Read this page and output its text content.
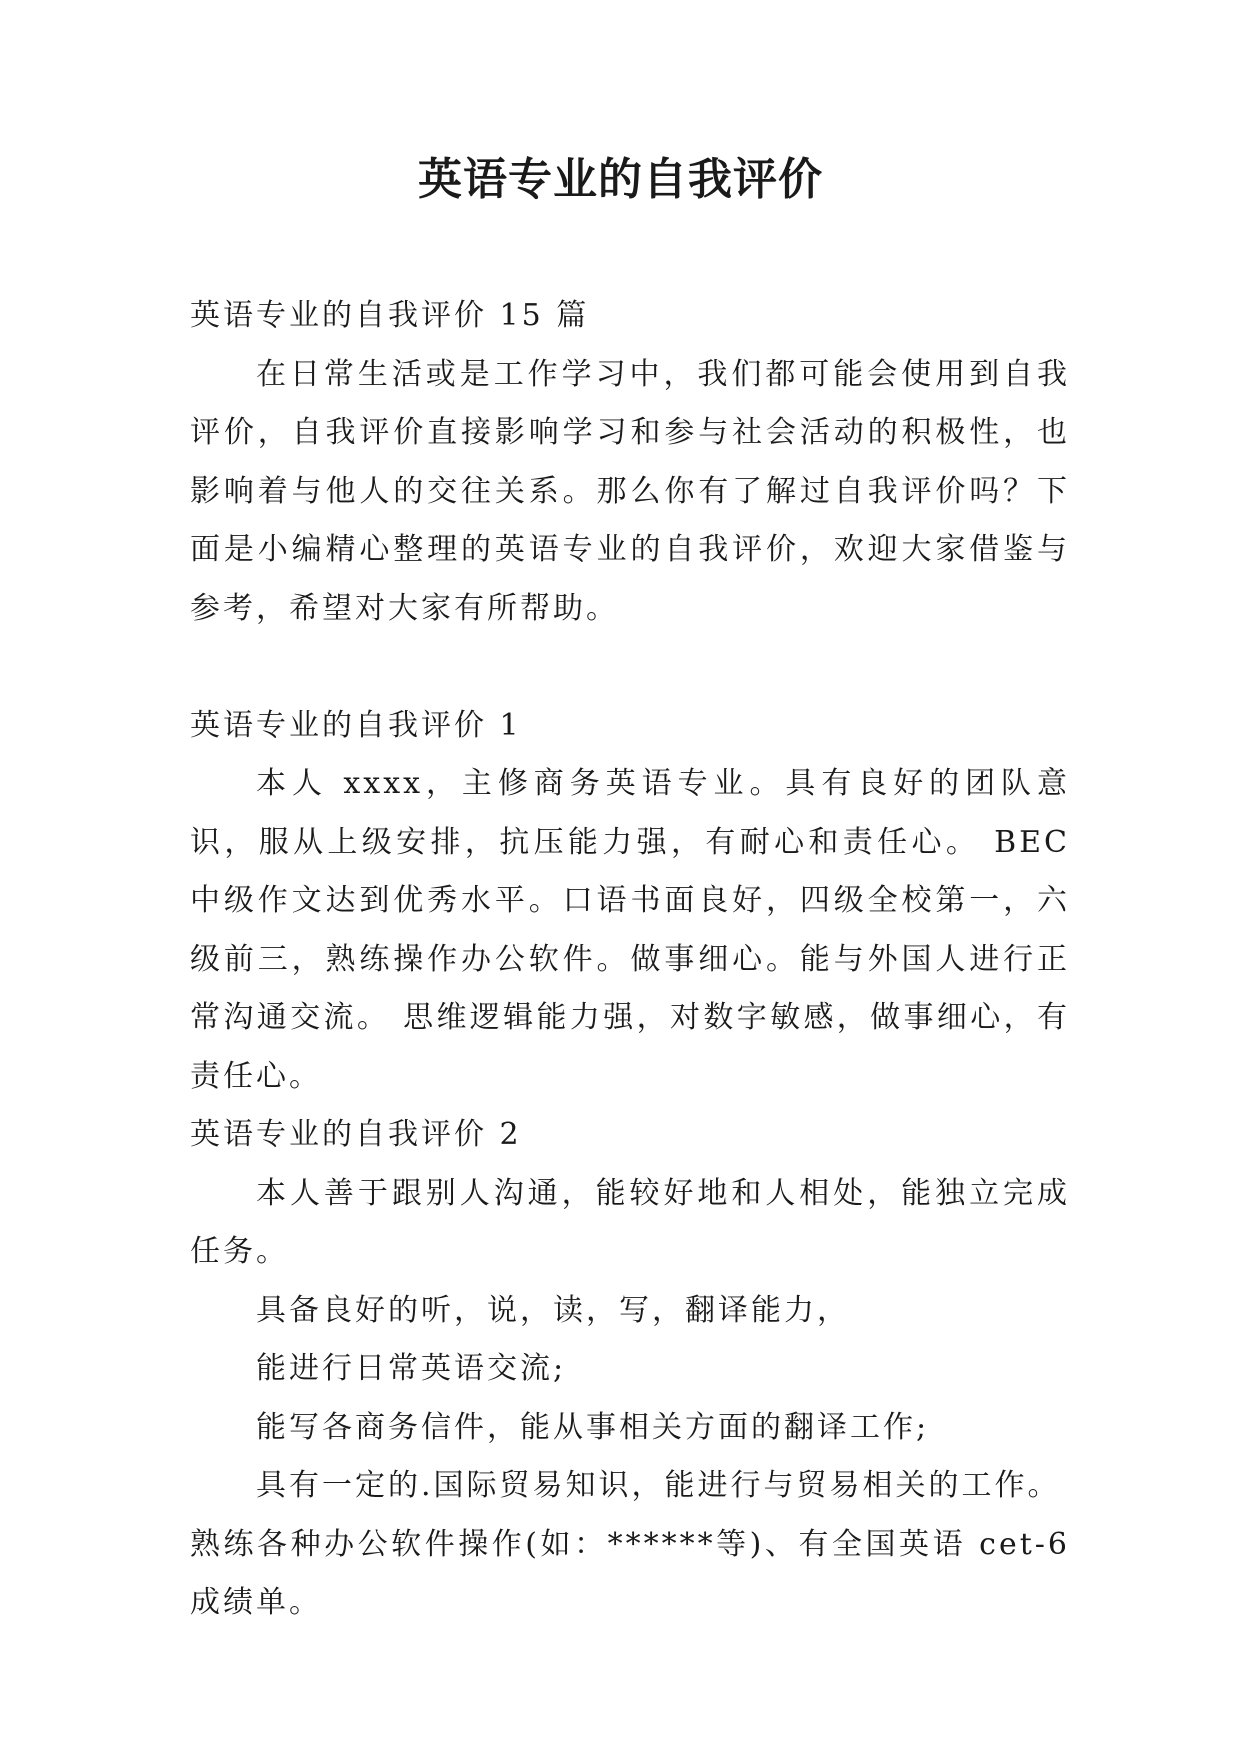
英语专业的自我评价

英语专业的自我评价 15 篇

在日常生活或是工作学习中，我们都可能会使用到自我评价，自我评价直接影响学习和参与社会活动的积极性，也影响着与他人的交往关系。那么你有了解过自我评价吗？下面是小编精心整理的英语专业的自我评价，欢迎大家借鉴与参考，希望对大家有所帮助。

英语专业的自我评价 1

本人 xxxx，主修商务英语专业。具有良好的团队意识，服从上级安排，抗压能力强，有耐心和责任心。 BEC 中级作文达到优秀水平。口语书面良好，四级全校第一，六级前三，熟练操作办公软件。做事细心。能与外国人进行正常沟通交流。 思维逻辑能力强，对数字敏感，做事细心，有责任心。

英语专业的自我评价 2

本人善于跟别人沟通，能较好地和人相处，能独立完成任务。

具备良好的听，说，读，写，翻译能力，

能进行日常英语交流;

能写各商务信件，能从事相关方面的翻译工作;

具有一定的.国际贸易知识，能进行与贸易相关的工作。

熟练各种办公软件操作(如：******等)、有全国英语 cet-6 成绩单。
